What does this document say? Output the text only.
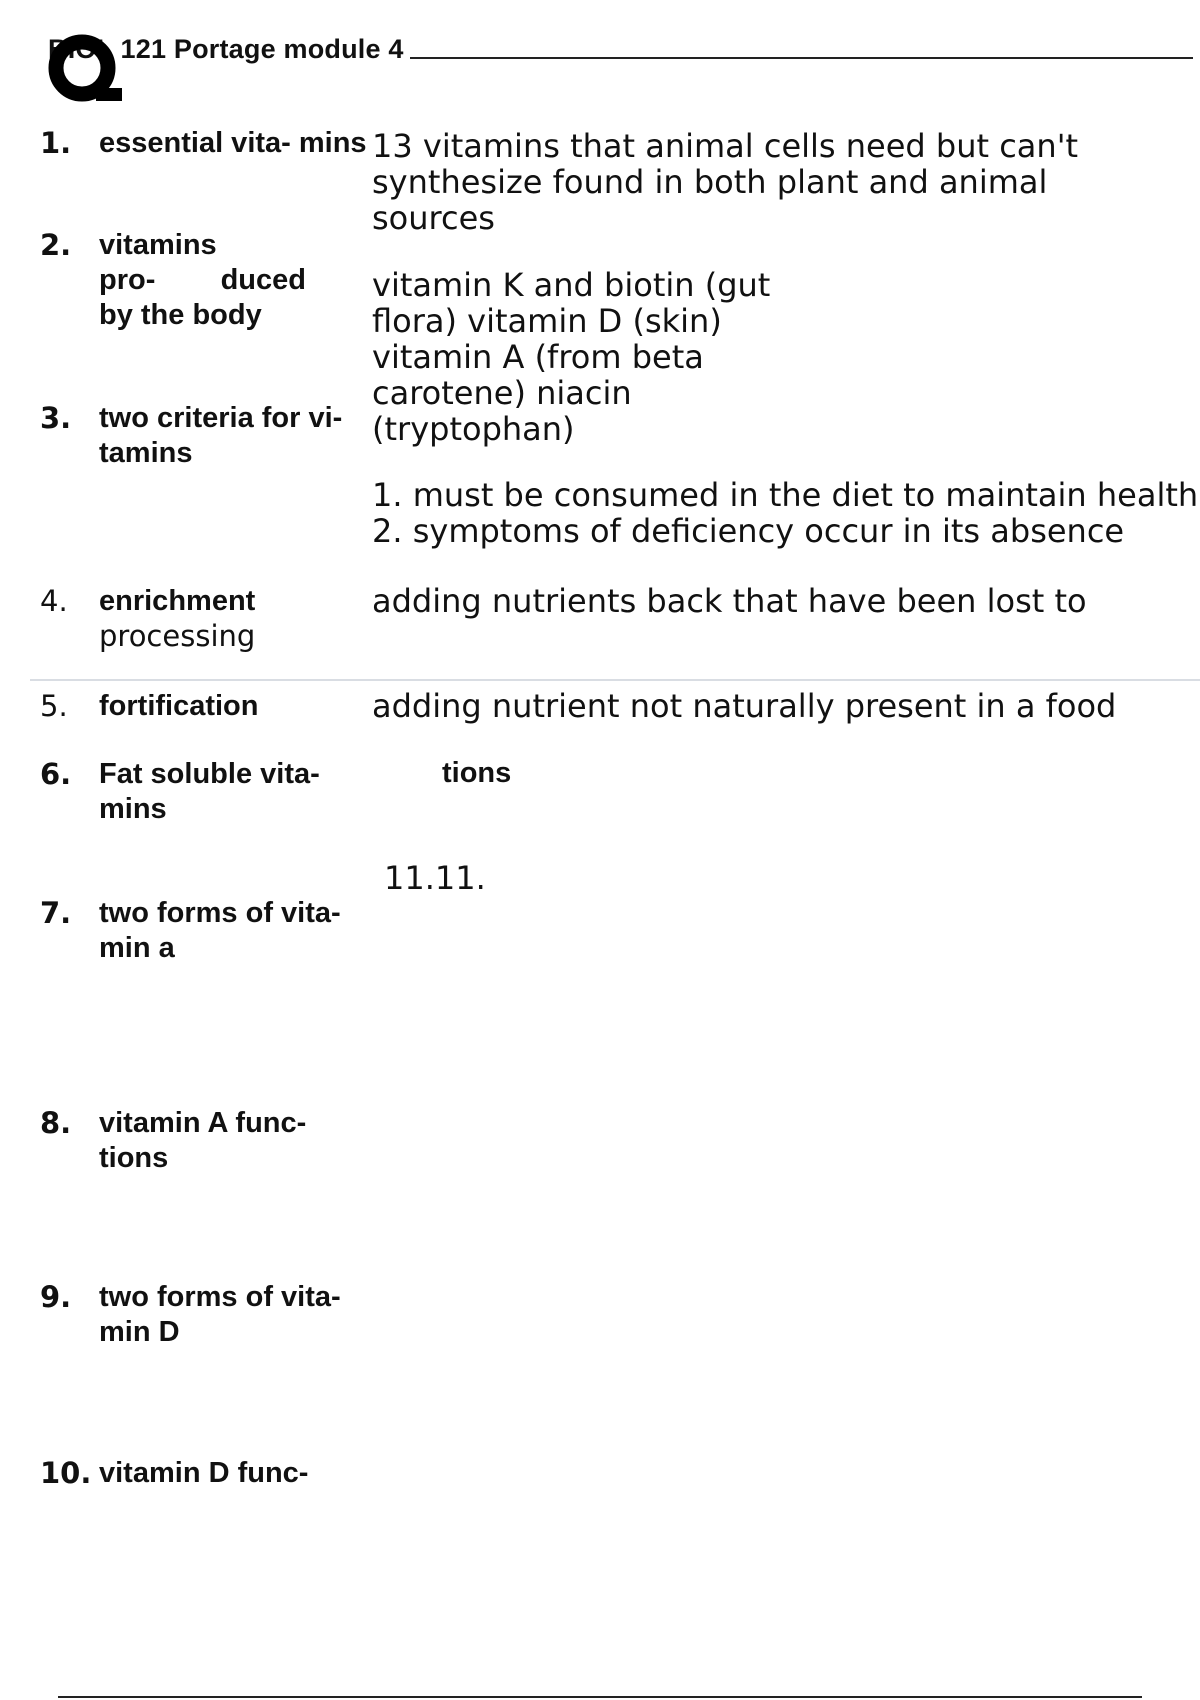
BIOL 121 Portage module 4
1. essential vita- mins
2. vitamins
pro- duced
by the body
3. two criteria for vi- tamins
4. enrichment
processing
5. fortification
6. Fat soluble vita- mins
7. two forms of vita- min a
8. vitamin A func- tions
9. two forms of vita- min D
10. vitamin D func-
13 vitamins that animal cells need but can't
synthesize found in both plant and animal
sources
vitamin K and biotin (gut
flora) vitamin D (skin)
vitamin A (from beta
carotene) niacin
(tryptophan)
1. must be consumed in the diet to maintain health
2. symptoms of deficiency occur in its absence
adding nutrients back that have been lost to
adding nutrient not naturally present in a food
tions
11.11.
